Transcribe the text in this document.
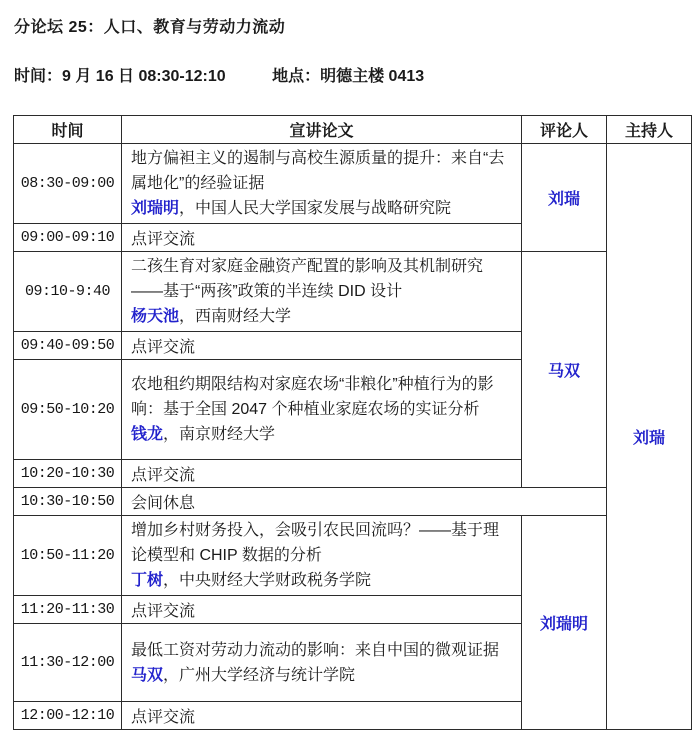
分论坛 25：人口、教育与劳动力流动
时间：9 月 16 日 08:30-12:10	地点：明德主楼 0413
时间	宣讲论文	评论人	主持人
08:30-09:00	地方偏袒主义的遏制与高校生源质量的提升：来自“去属地化”的经验证据
刘瑞明，中国人民大学国家发展与战略研究院	刘瑞	刘瑞
09:00-09:10	点评交流		
09:10-9:40	二孩生育对家庭金融资产配置的影响及其机制研究——基于“两孩”政策的半连续 DID 设计
杨天池，西南财经大学	马双	
09:40-09:50	点评交流		
09:50-10:20	农地租约期限结构对家庭农场“非粮化”种植行为的影响：基于全国 2047 个种植业家庭农场的实证分析
钱龙，南京财经大学		

10:20-10:30	点评交流		
10:30-10:50	会间休息		
10:50-11:20	增加乡村财务投入，会吸引农民回流吗？——基于理论模型和 CHIP 数据的分析
丁树，中央财经大学财政税务学院	刘瑞明	
11:20-11:30	点评交流		
11:30-12:00	最低工资对劳动力流动的影响：来自中国的微观证据
马双，广州大学经济与统计学院		

12:00-12:10	点评交流		
